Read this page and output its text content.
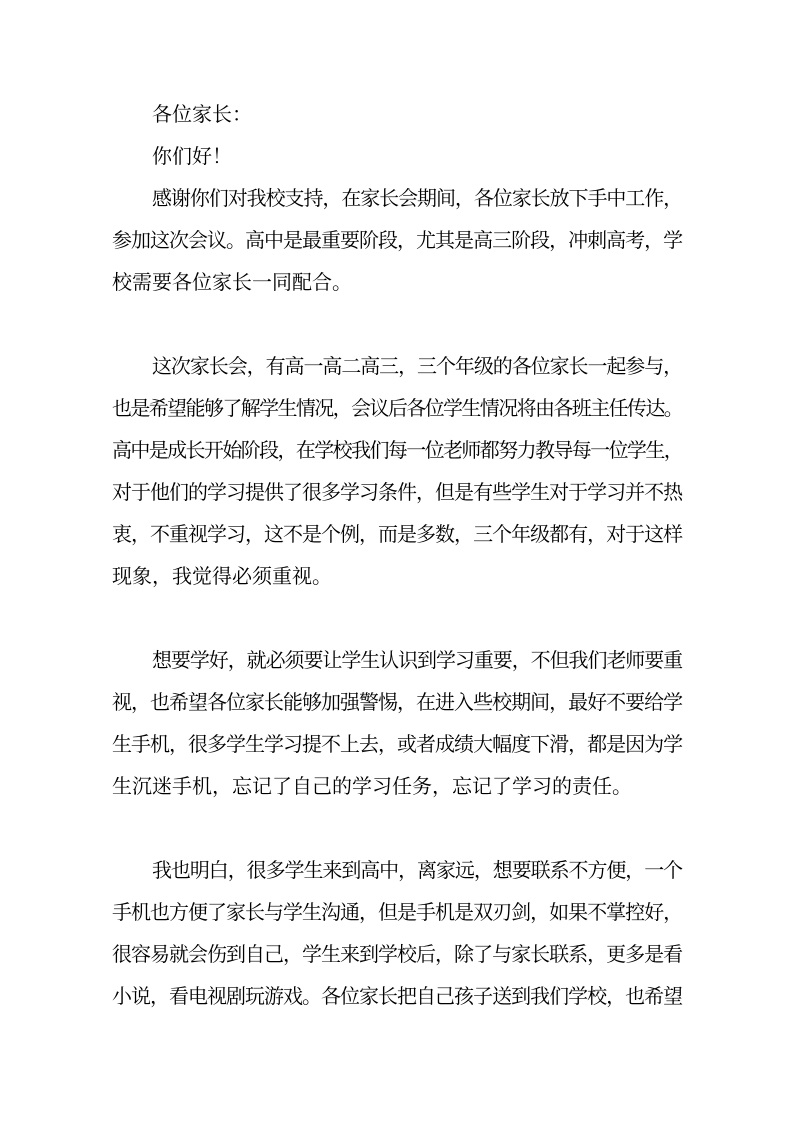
各位家长：
你们好！
感谢你们对我校支持，在家长会期间，各位家长放下手中工作，
参加这次会议。高中是最重要阶段，尤其是高三阶段，冲刺高考，学
校需要各位家长一同配合。
这次家长会，有高一高二高三，三个年级的各位家长一起参与，
也是希望能够了解学生情况，会议后各位学生情况将由各班主任传达。
高中是成长开始阶段，在学校我们每一位老师都努力教导每一位学生，
对于他们的学习提供了很多学习条件，但是有些学生对于学习并不热
衷，不重视学习，这不是个例，而是多数，三个年级都有，对于这样
现象，我觉得必须重视。
想要学好，就必须要让学生认识到学习重要，不但我们老师要重
视，也希望各位家长能够加强警惕，在进入些校期间，最好不要给学
生手机，很多学生学习提不上去，或者成绩大幅度下滑，都是因为学
生沉迷手机，忘记了自己的学习任务，忘记了学习的责任。
我也明白，很多学生来到高中，离家远，想要联系不方便，一个
手机也方便了家长与学生沟通，但是手机是双刃剑，如果不掌控好，
很容易就会伤到自己，学生来到学校后，除了与家长联系，更多是看
小说，看电视剧玩游戏。各位家长把自己孩子送到我们学校，也希望
